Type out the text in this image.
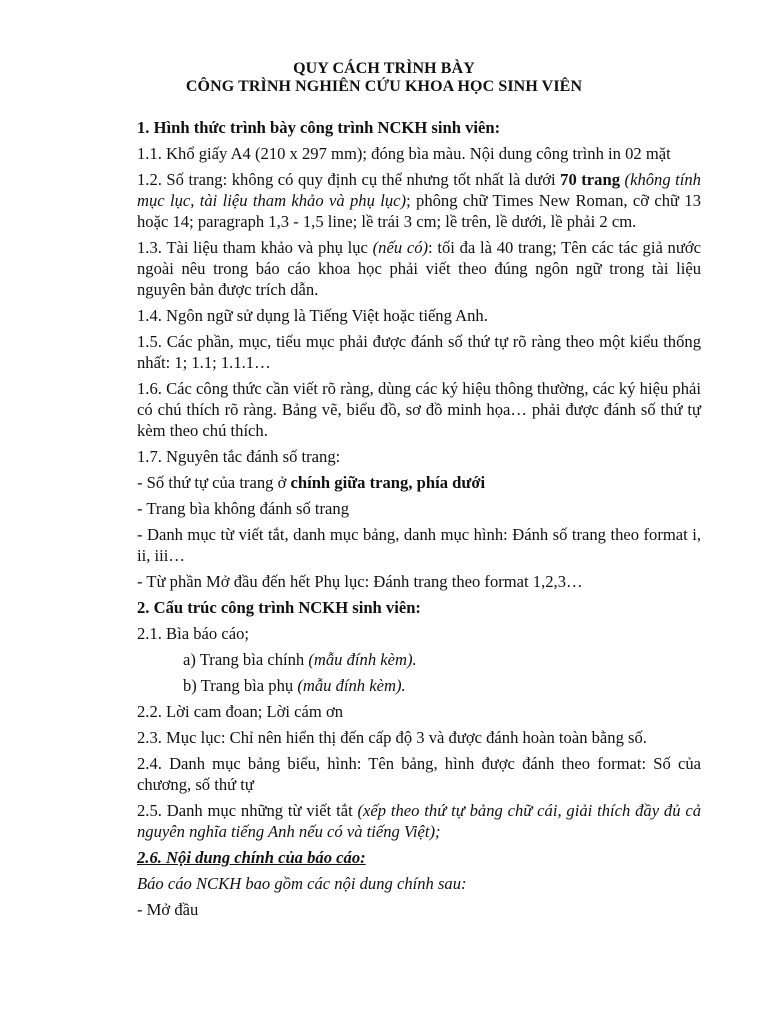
QUY CÁCH TRÌNH BÀY
CÔNG TRÌNH NGHIÊN CỨU KHOA HỌC SINH VIÊN

1. Hình thức trình bày công trình NCKH sinh viên:

1.1. Khổ giấy A4 (210 x 297 mm); đóng bìa màu. Nội dung công trình in 02 mặt

1.2. Số trang: không có quy định cụ thể nhưng tốt nhất là dưới 70 trang (không tính mục lục, tài liệu tham khảo và phụ lục); phông chữ Times New Roman, cỡ chữ 13 hoặc 14; paragraph 1,3 - 1,5 line; lề trái 3 cm; lề trên, lề dưới, lề phải 2 cm.

1.3. Tài liệu tham khảo và phụ lục (nếu có): tối đa là 40 trang; Tên các tác giả nước ngoài nêu trong báo cáo khoa học phải viết theo đúng ngôn ngữ trong tài liệu nguyên bản được trích dẫn.

1.4. Ngôn ngữ sử dụng là Tiếng Việt hoặc tiếng Anh.

1.5. Các phần, mục, tiểu mục phải được đánh số thứ tự rõ ràng theo một kiểu thống nhất: 1; 1.1; 1.1.1…

1.6. Các công thức cần viết rõ ràng, dùng các ký hiệu thông thường, các ký hiệu phải có chú thích rõ ràng. Bảng vẽ, biểu đồ, sơ đồ minh họa… phải được đánh số thứ tự kèm theo chú thích.

1.7. Nguyên tắc đánh số trang:

- Số thứ tự của trang ở chính giữa trang, phía dưới

- Trang bìa không đánh số trang

- Danh mục từ viết tắt, danh mục bảng, danh mục hình: Đánh số trang theo format i, ii, iii…

- Từ phần Mở đầu đến hết Phụ lục: Đánh trang theo format 1,2,3…

2. Cấu trúc công trình NCKH sinh viên:

2.1. Bìa báo cáo;

a) Trang bìa chính (mẫu đính kèm).

b) Trang bìa phụ (mẫu đính kèm).

2.2. Lời cam đoan; Lời cám ơn

2.3. Mục lục: Chỉ nên hiển thị đến cấp độ 3 và được đánh hoàn toàn bằng số.

2.4. Danh mục bảng biểu, hình: Tên bảng, hình được đánh theo format: Số của chương, số thứ tự

2.5. Danh mục những từ viết tắt (xếp theo thứ tự bảng chữ cái, giải thích đầy đủ cả nguyên nghĩa tiếng Anh nếu có và tiếng Việt);

2.6. Nội dung chính của báo cáo:

Báo cáo NCKH bao gồm các nội dung chính sau:

- Mở đầu
